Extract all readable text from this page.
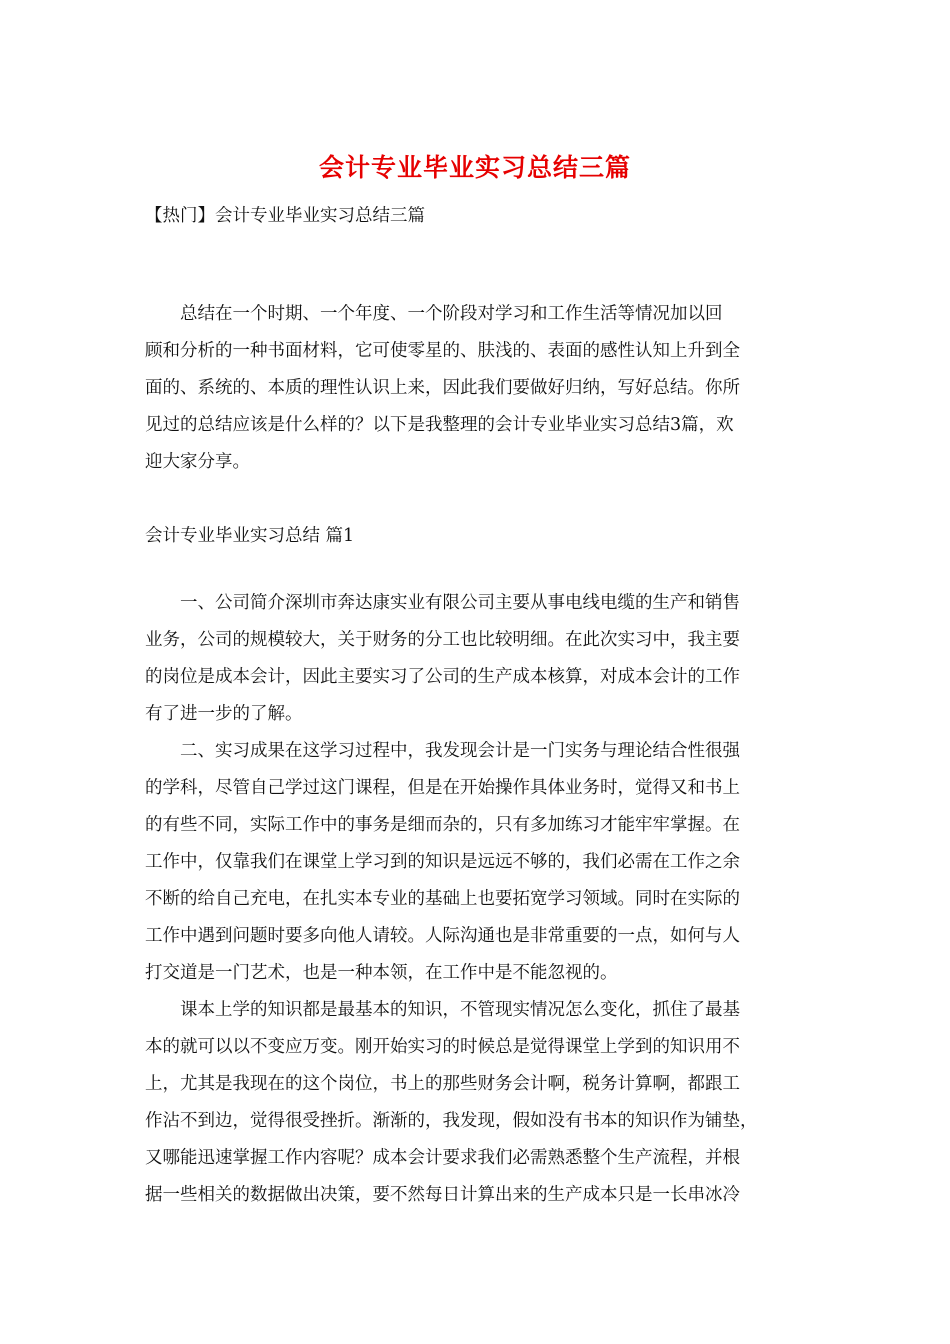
会计专业毕业实习总结三篇
【热门】会计专业毕业实习总结三篇
　　总结在一个时期、一个年度、一个阶段对学习和工作生活等情况加以回
顾和分析的一种书面材料，它可使零星的、肤浅的、表面的感性认知上升到全
面的、系统的、本质的理性认识上来，因此我们要做好归纳，写好总结。你所
见过的总结应该是什么样的？以下是我整理的会计专业毕业实习总结3篇，欢
迎大家分享。
会计专业毕业实习总结 篇1
　　一、公司简介深圳市奔达康实业有限公司主要从事电线电缆的生产和销售
业务，公司的规模较大，关于财务的分工也比较明细。在此次实习中，我主要
的岗位是成本会计，因此主要实习了公司的生产成本核算，对成本会计的工作
有了进一步的了解。
　　二、实习成果在这学习过程中，我发现会计是一门实务与理论结合性很强
的学科，尽管自己学过这门课程，但是在开始操作具体业务时，觉得又和书上
的有些不同，实际工作中的事务是细而杂的，只有多加练习才能牢牢掌握。在
工作中，仅靠我们在课堂上学习到的知识是远远不够的，我们必需在工作之余
不断的给自己充电，在扎实本专业的基础上也要拓宽学习领域。同时在实际的
工作中遇到问题时要多向他人请较。人际沟通也是非常重要的一点，如何与人
打交道是一门艺术，也是一种本领，在工作中是不能忽视的。
　　课本上学的知识都是最基本的知识，不管现实情况怎么变化，抓住了最基
本的就可以以不变应万变。刚开始实习的时候总是觉得课堂上学到的知识用不
上，尤其是我现在的这个岗位，书上的那些财务会计啊，税务计算啊，都跟工
作沾不到边，觉得很受挫折。渐渐的，我发现，假如没有书本的知识作为铺垫，
又哪能迅速掌握工作内容呢？成本会计要求我们必需熟悉整个生产流程，并根
据一些相关的数据做出决策，要不然每日计算出来的生产成本只是一长串冰冷
